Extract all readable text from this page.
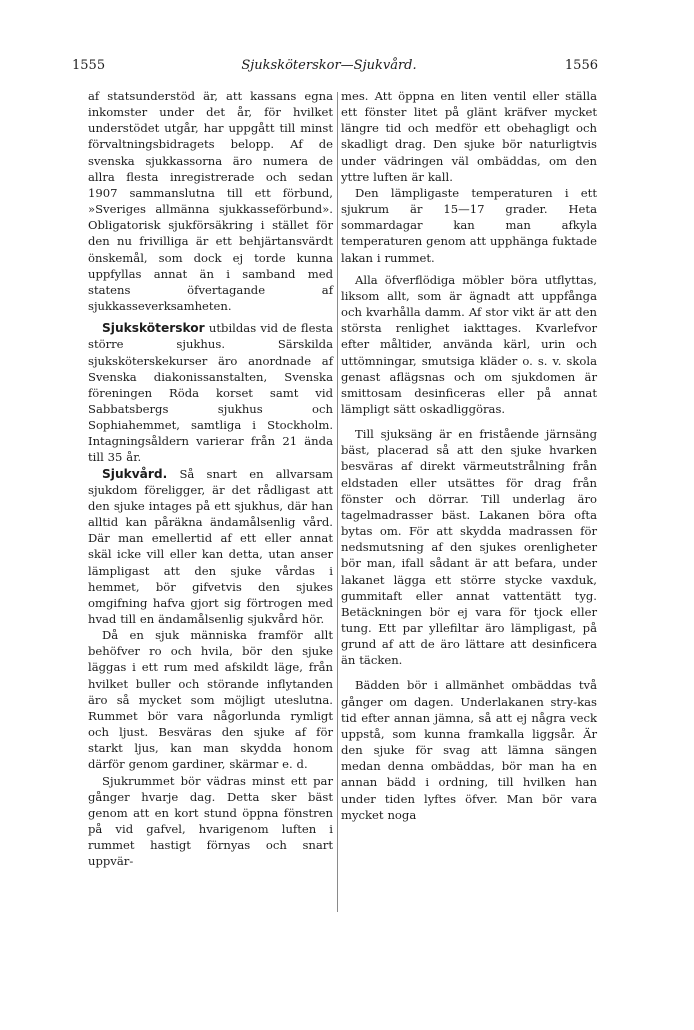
1555	Sjuksköterskor—Sjukvård.	1556

af statsunderstöd är, att kassans egna inkomster under det år, för hvilket understödet utgår, har uppgått till minst förvaltningsbidragets belopp. Af de svenska sjukkassorna äro numera de allra flesta inregistrerade och sedan 1907 sammanslutna till ett förbund, »Sveriges allmänna sjukkasseförbund». Obligatorisk sjukförsäkring i stället för den nu frivilliga är ett behjärtansvärdt önskemål, som dock ej torde kunna uppfyllas annat än i samband med statens öfvertagande af sjukkasseverksamheten.

Sjuksköterskor utbildas vid de flesta större sjukhus. Särskilda sjuksköterskekurser äro anordnade af Svenska diakonissanstalten, Svenska föreningen Röda korset samt vid Sabbatsbergs sjukhus och Sophiahemmet, samtliga i Stockholm. Intagningsåldern varierar från 21 ända till 35 år.

Sjukvård. Så snart en allvarsam sjukdom föreligger, är det rådligast att den sjuke intages på ett sjukhus, där han alltid kan påräkna ändamålsenlig vård. Där man emellertid af ett eller annat skäl icke vill eller kan detta, utan anser lämpligast att den sjuke vårdas i hemmet, bör gifvetvis den sjukes omgifning hafva gjort sig förtrogen med hvad till en ändamålsenlig sjukvård hör.

Då en sjuk människa framför allt behöfver ro och hvila, bör den sjuke läggas i ett rum med afskildt läge, från hvilket buller och störande inflytanden äro så mycket som möjligt uteslutna. Rummet bör vara någorlunda rymligt och ljust. Besväras den sjuke af för starkt ljus, kan man skydda honom därför genom gardiner, skärmar e. d.

Sjukrummet bör vädras minst ett par gånger hvarje dag. Detta sker bäst genom att en kort stund öppna fönstren på vid gafvel, hvarigenom luften i rummet hastigt förnyas och snart uppvär-

mes. Att öppna en liten ventil eller ställa ett fönster litet på glänt kräfver mycket längre tid och medför ett obehagligt och skadligt drag. Den sjuke bör naturligtvis under vädringen väl ombäddas, om den yttre luften är kall.

Den lämpligaste temperaturen i ett sjukrum är 15—17 grader. Heta sommardagar kan man afkyla temperaturen genom att upphänga fuktade lakan i rummet.

Alla öfverflödiga möbler böra utflyttas, liksom allt, som är ägnadt att uppfånga och kvarhålla damm. Af stor vikt är att den största renlighet iakttages. Kvarlefvor efter måltider, använda kärl, urin och uttömningar, smutsiga kläder o. s. v. skola genast aflägsnas och om sjukdomen är smittosam desinficeras eller på annat lämpligt sätt oskadliggöras.

Till sjuksäng är en fristående järnsäng bäst, placerad så att den sjuke hvarken besväras af direkt värmeutstrålning från eldstaden eller utsättes för drag från fönster och dörrar. Till underlag äro tagelmadrasser bäst. Lakanen böra ofta bytas om. För att skydda madrassen för nedsmutsning af den sjukes orenligheter bör man, ifall sådant är att befara, under lakanet lägga ett större stycke vaxduk, gummitaft eller annat vattentätt tyg. Betäckningen bör ej vara för tjock eller tung. Ett par yllefiltar äro lämpligast, på grund af att de äro lättare att desinficera än täcken.

Bädden bör i allmänhet ombäddas två gånger om dagen. Underlakanen stry-kas tid efter annan jämna, så att ej några veck uppstå, som kunna framkalla liggsår. Är den sjuke för svag att lämna sängen medan denna ombäddas, bör man ha en annan bädd i ordning, till hvilken han under tiden lyftes öfver. Man bör vara mycket noga
